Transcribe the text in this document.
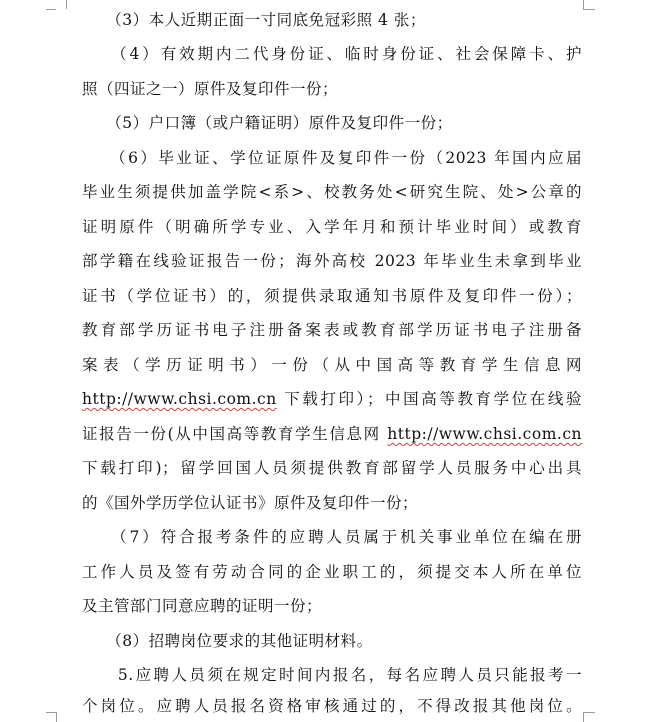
　　（3）本人近期正面一寸同底免冠彩照 4 张；
　　（4）有效期内二代身份证、临时身份证、社会保障卡、护
照（四证之一）原件及复印件一份；
　　（5）户口簿（或户籍证明）原件及复印件一份；
　　（6）毕业证、学位证原件及复印件一份（2023 年国内应届
毕业生须提供加盖学院<系>、校教务处<研究生院、处>公章的
证明原件（明确所学专业、入学年月和预计毕业时间）或教育
部学籍在线验证报告一份；海外高校 2023 年毕业生未拿到毕业
证书（学位证书）的，须提供录取通知书原件及复印件一份）；
教育部学历证书电子注册备案表或教育部学历证书电子注册备
案表（学历证明书）一份（从中国高等教育学生信息网
http://www.chsi.com.cn 下载打印）；中国高等教育学位在线验
证报告一份(从中国高等教育学生信息网 http://www.chsi.com.cn
下载打印)；留学回国人员须提供教育部留学人员服务中心出具
的《国外学历学位认证书》原件及复印件一份；
　　（7）符合报考条件的应聘人员属于机关事业单位在编在册
工作人员及签有劳动合同的企业职工的，须提交本人所在单位
及主管部门同意应聘的证明一份；
　　（8）招聘岗位要求的其他证明材料。
　　5.应聘人员须在规定时间内报名，每名应聘人员只能报考一
个岗位。应聘人员报名资格审核通过的，不得改报其他岗位。
